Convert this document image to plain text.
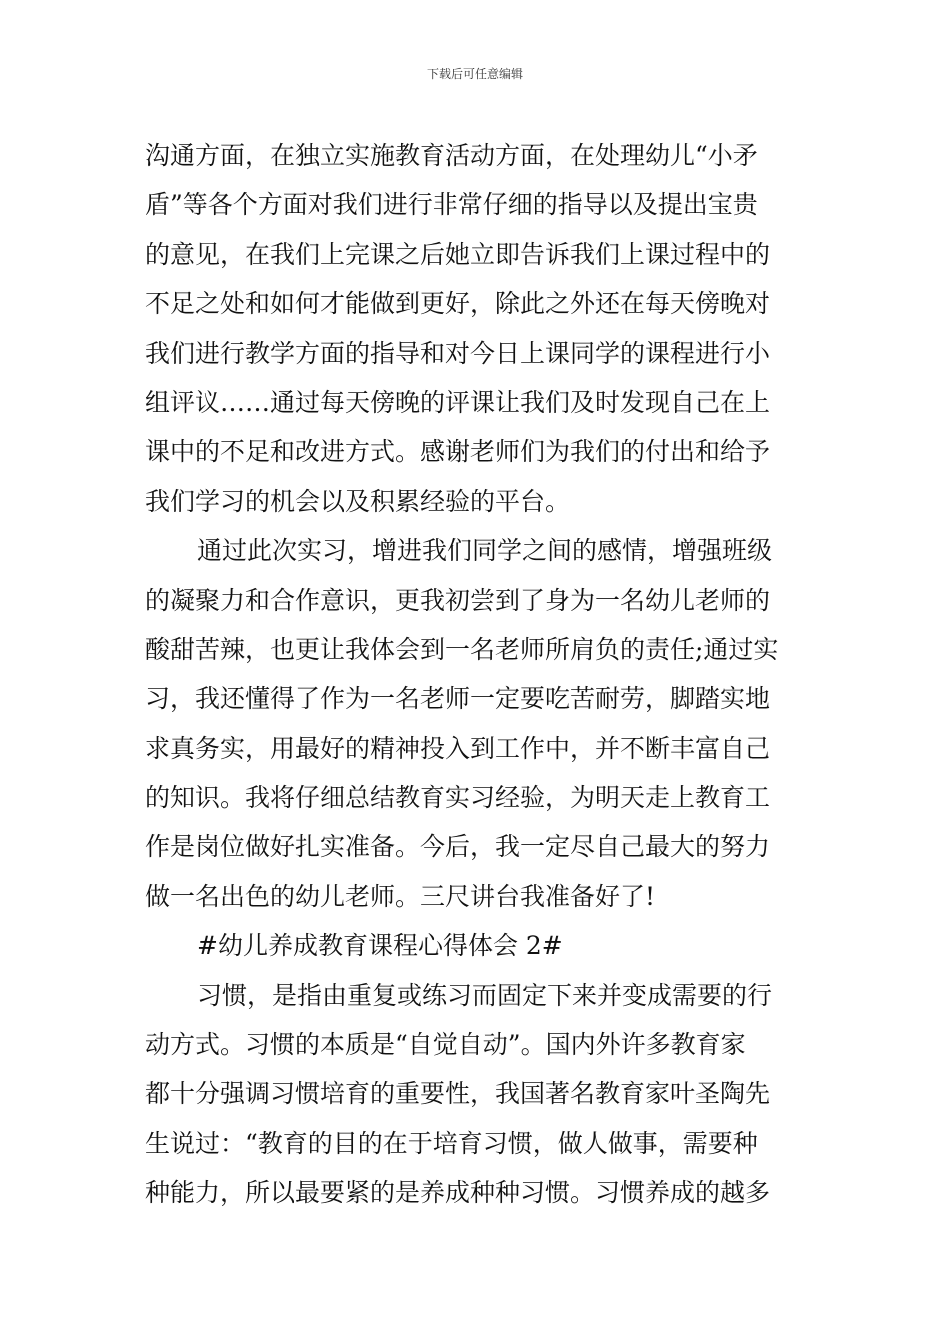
下载后可任意编辑
沟通方面，在独立实施教育活动方面，在处理幼儿“小矛
盾”等各个方面对我们进行非常仔细的指导以及提出宝贵
的意见，在我们上完课之后她立即告诉我们上课过程中的
不足之处和如何才能做到更好，除此之外还在每天傍晚对
我们进行教学方面的指导和对今日上课同学的课程进行小
组评议……通过每天傍晚的评课让我们及时发现自己在上
课中的不足和改进方式。感谢老师们为我们的付出和给予
我们学习的机会以及积累经验的平台。
通过此次实习，增进我们同学之间的感情，增强班级
的凝聚力和合作意识，更我初尝到了身为一名幼儿老师的
酸甜苦辣，也更让我体会到一名老师所肩负的责任;通过实
习，我还懂得了作为一名老师一定要吃苦耐劳，脚踏实地
求真务实，用最好的精神投入到工作中，并不断丰富自己
的知识。我将仔细总结教育实习经验，为明天走上教育工
作是岗位做好扎实准备。今后，我一定尽自己最大的努力
做一名出色的幼儿老师。三尺讲台我准备好了!
#幼儿养成教育课程心得体会 2#
习惯，是指由重复或练习而固定下来并变成需要的行
动方式。习惯的本质是“自觉自动”。国内外许多教育家
都十分强调习惯培育的重要性，我国著名教育家叶圣陶先
生说过：“教育的目的在于培育习惯，做人做事，需要种
种能力，所以最要紧的是养成种种习惯。习惯养成的越多
